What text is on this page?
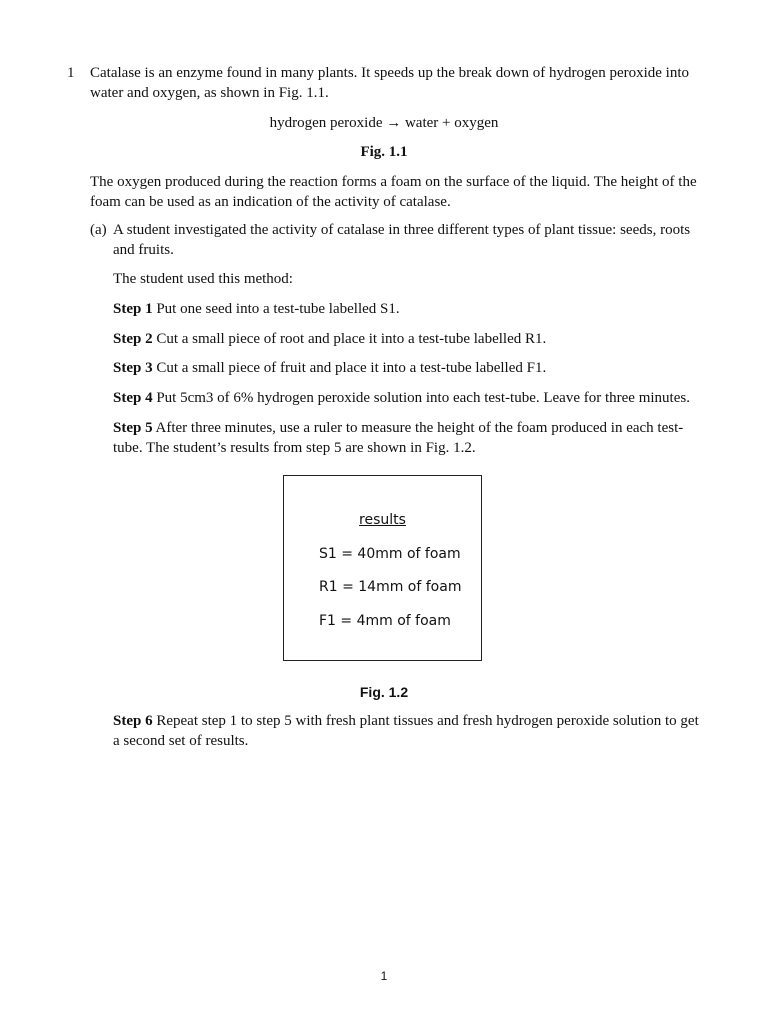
1 Catalase is an enzyme found in many plants. It speeds up the break down of hydrogen peroxide into water and oxygen, as shown in Fig. 1.1.
hydrogen peroxide → water + oxygen
Fig. 1.1
The oxygen produced during the reaction forms a foam on the surface of the liquid. The height of the foam can be used as an indication of the activity of catalase.
(a) A student investigated the activity of catalase in three different types of plant tissue: seeds, roots and fruits.
The student used this method:
Step 1 Put one seed into a test-tube labelled S1.
Step 2 Cut a small piece of root and place it into a test-tube labelled R1.
Step 3 Cut a small piece of fruit and place it into a test-tube labelled F1.
Step 4 Put 5cm3 of 6% hydrogen peroxide solution into each test-tube. Leave for three minutes.
Step 5 After three minutes, use a ruler to measure the height of the foam produced in each test-tube. The student’s results from step 5 are shown in Fig. 1.2.
results
S1 = 40mm of foam
R1 = 14mm of foam
F1 = 4mm of foam
Fig. 1.2
Step 6 Repeat step 1 to step 5 with fresh plant tissues and fresh hydrogen peroxide solution to get a second set of results.
1
